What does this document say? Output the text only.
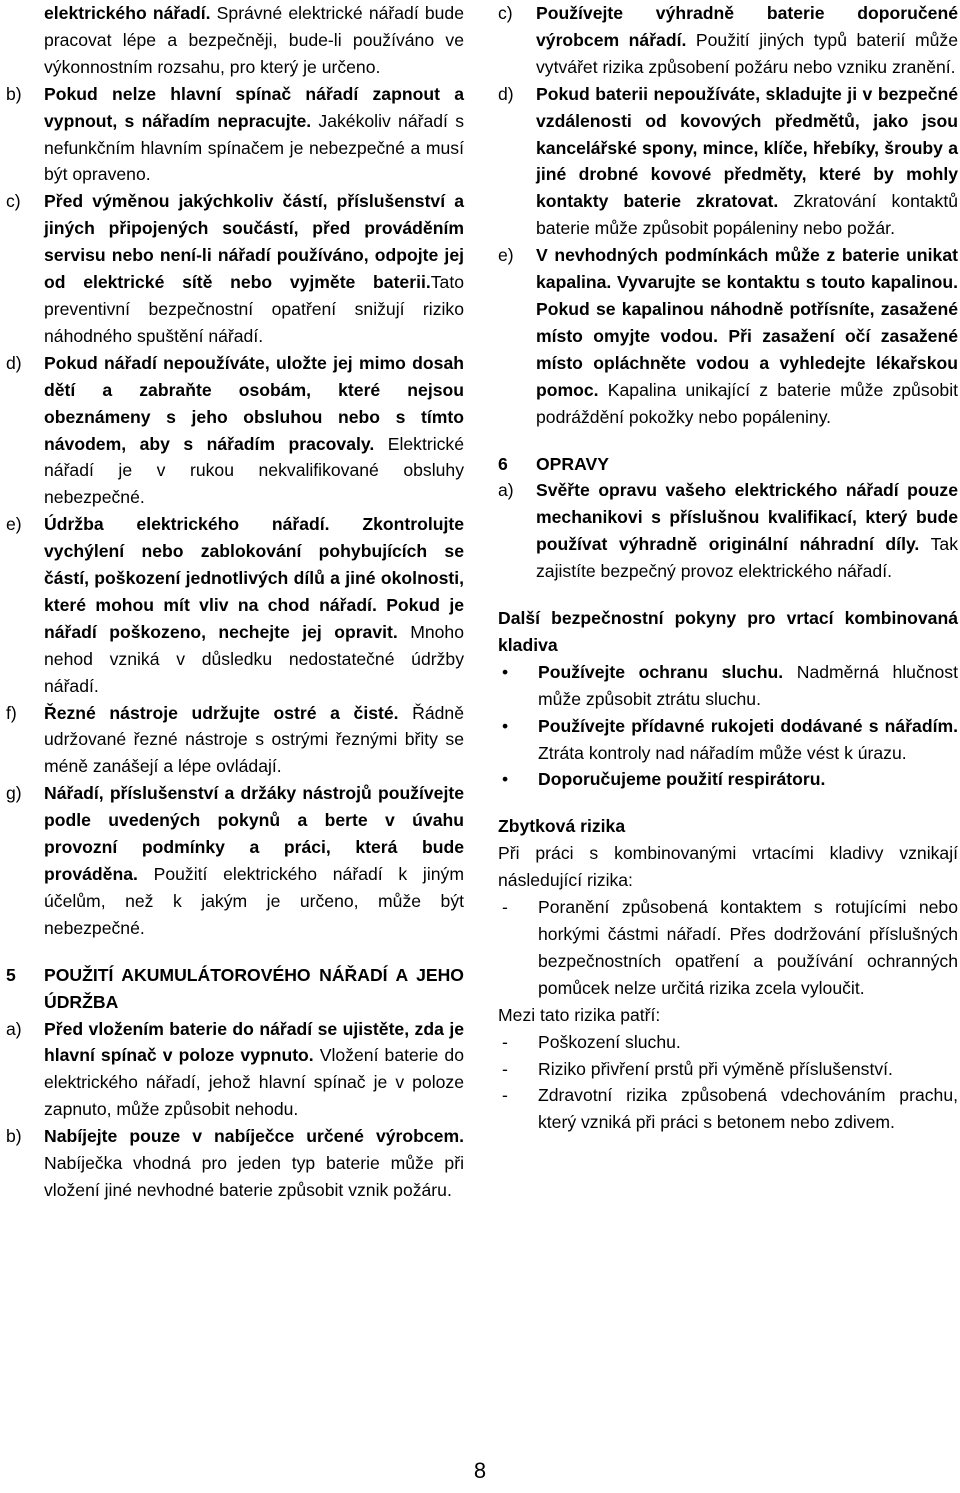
elektrického nářadí. Správné elektrické nářadí bude pracovat lépe a bezpečněji, bude-li používáno ve výkonnostním rozsahu, pro který je určeno.

b) Pokud nelze hlavní spínač nářadí zapnout a vypnout, s nářadím nepracujte. Jakékoliv nářadí s nefunkčním hlavním spínačem je nebezpečné a musí být opraveno.

c) Před výměnou jakýchkoliv částí, příslušenství a jiných připojených součástí, před prováděním servisu nebo není-li nářadí používáno, odpojte jej od elektrické sítě nebo vyjměte baterii.Tato preventivní bezpečnostní opatření snižují riziko náhodného spuštění nářadí.

d) Pokud nářadí nepoužíváte, uložte jej mimo dosah dětí a zabraňte osobám, které nejsou obeznámeny s jeho obsluhou nebo s tímto návodem, aby s nářadím pracovaly. Elektrické nářadí je v rukou nekvalifikované obsluhy nebezpečné.

e) Údržba elektrického nářadí. Zkontrolujte vychýlení nebo zablokování pohybujících se částí, poškození jednotlivých dílů a jiné okolnosti, které mohou mít vliv na chod nářadí. Pokud je nářadí poškozeno, nechejte jej opravit. Mnoho nehod vzniká v důsledku nedostatečné údržby nářadí.

f) Řezné nástroje udržujte ostré a čisté. Řádně udržované řezné nástroje s ostrými řeznými břity se méně zanášejí a lépe ovládají.

g) Nářadí, příslušenství a držáky nástrojů používejte podle uvedených pokynů a berte v úvahu provozní podmínky a práci, která bude prováděna. Použití elektrického nářadí k jiným účelům, než k jakým je určeno, může být nebezpečné.

5 POUŽITÍ AKUMULÁTOROVÉHO NÁŘADÍ A JEHO ÚDRŽBA

a) Před vložením baterie do nářadí se ujistěte, zda je hlavní spínač v poloze vypnuto. Vložení baterie do elektrického nářadí, jehož hlavní spínač je v poloze zapnuto, může způsobit nehodu.

b) Nabíjejte pouze v nabíječce určené výrobcem. Nabíječka vhodná pro jeden typ baterie může při vložení jiné nevhodné baterie způsobit vznik požáru.

c) Používejte výhradně baterie doporučené výrobcem nářadí. Použití jiných typů baterií může vytvářet rizika způsobení požáru nebo vzniku zranění.

d) Pokud baterii nepoužíváte, skladujte ji v bezpečné vzdálenosti od kovových předmětů, jako jsou kancelářské spony, mince, klíče, hřebíky, šrouby a jiné drobné kovové předměty, které by mohly kontakty baterie zkratovat. Zkratování kontaktů baterie může způsobit popáleniny nebo požár.

e) V nevhodných podmínkách může z baterie unikat kapalina. Vyvarujte se kontaktu s touto kapalinou. Pokud se kapalinou náhodně potřísníte, zasažené místo omyjte vodou. Při zasažení očí zasažené místo opláchněte vodou a vyhledejte lékařskou pomoc. Kapalina unikající z baterie může způsobit podráždění pokožky nebo popáleniny.

6 OPRAVY

a) Svěřte opravu vašeho elektrického nářadí pouze mechanikovi s příslušnou kvalifikací, který bude používat výhradně originální náhradní díly. Tak zajistíte bezpečný provoz elektrického nářadí.

Další bezpečnostní pokyny pro vrtací kombinovaná kladiva

• Používejte ochranu sluchu. Nadměrná hlučnost může způsobit ztrátu sluchu.

• Používejte přídavné rukojeti dodávané s nářadím. Ztráta kontroly nad nářadím může vést k úrazu.

• Doporučujeme použití respirátoru.

Zbytková rizika

Při práci s kombinovanými vrtacími kladivy vznikají následující rizika:

- Poranění způsobená kontaktem s rotujícími nebo horkými částmi nářadí. Přes dodržování příslušných bezpečnostních opatření a používání ochranných pomůcek nelze určitá rizika zcela vyloučit.

Mezi tato rizika patří:

- Poškození sluchu.

- Riziko přivření prstů při výměně příslušenství.

- Zdravotní rizika způsobená vdechováním prachu, který vzniká při práci s betonem nebo zdivem.

8
